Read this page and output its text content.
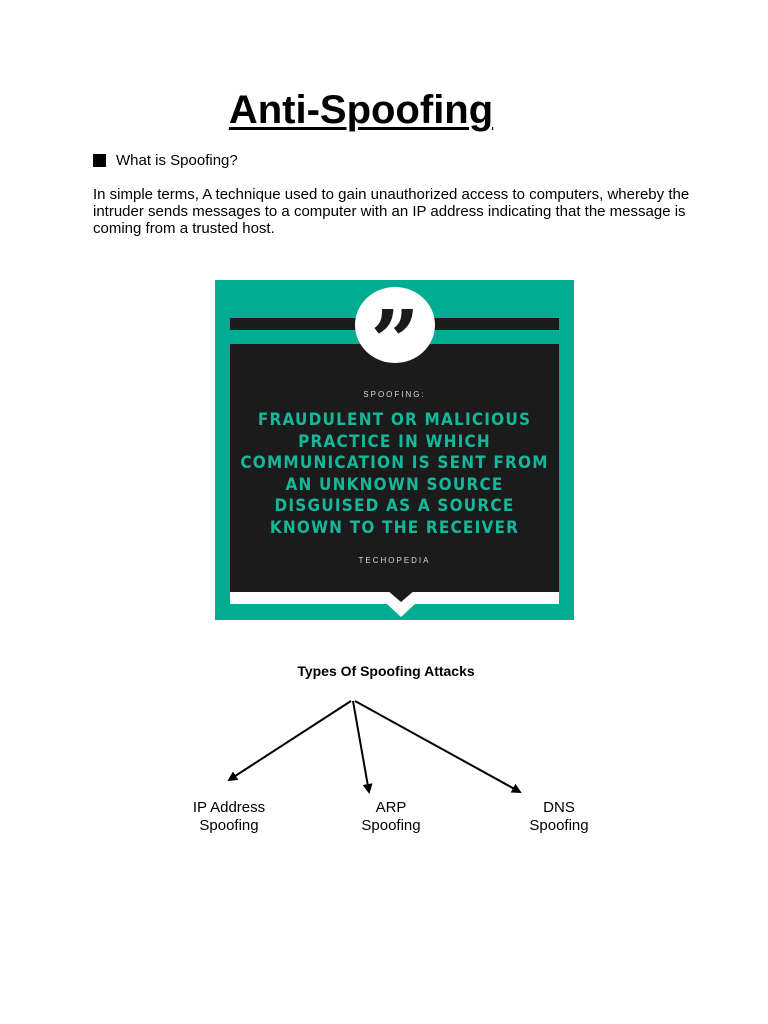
Anti-Spoofing
What is Spoofing?

In simple terms, A technique used to gain unauthorized access to computers, whereby the intruder sends messages to a computer with an IP address indicating that the message is coming from a trusted host.

SPOOFING:

FRAUDULENT OR MALICIOUS PRACTICE IN WHICH COMMUNICATION IS SENT FROM AN UNKNOWN SOURCE DISGUISED AS A SOURCE KNOWN TO THE RECEIVER

TECHOPEDIA
”
Types Of Spoofing Attacks
IP Address
Spoofing
ARP
Spoofing
DNS
Spoofing
